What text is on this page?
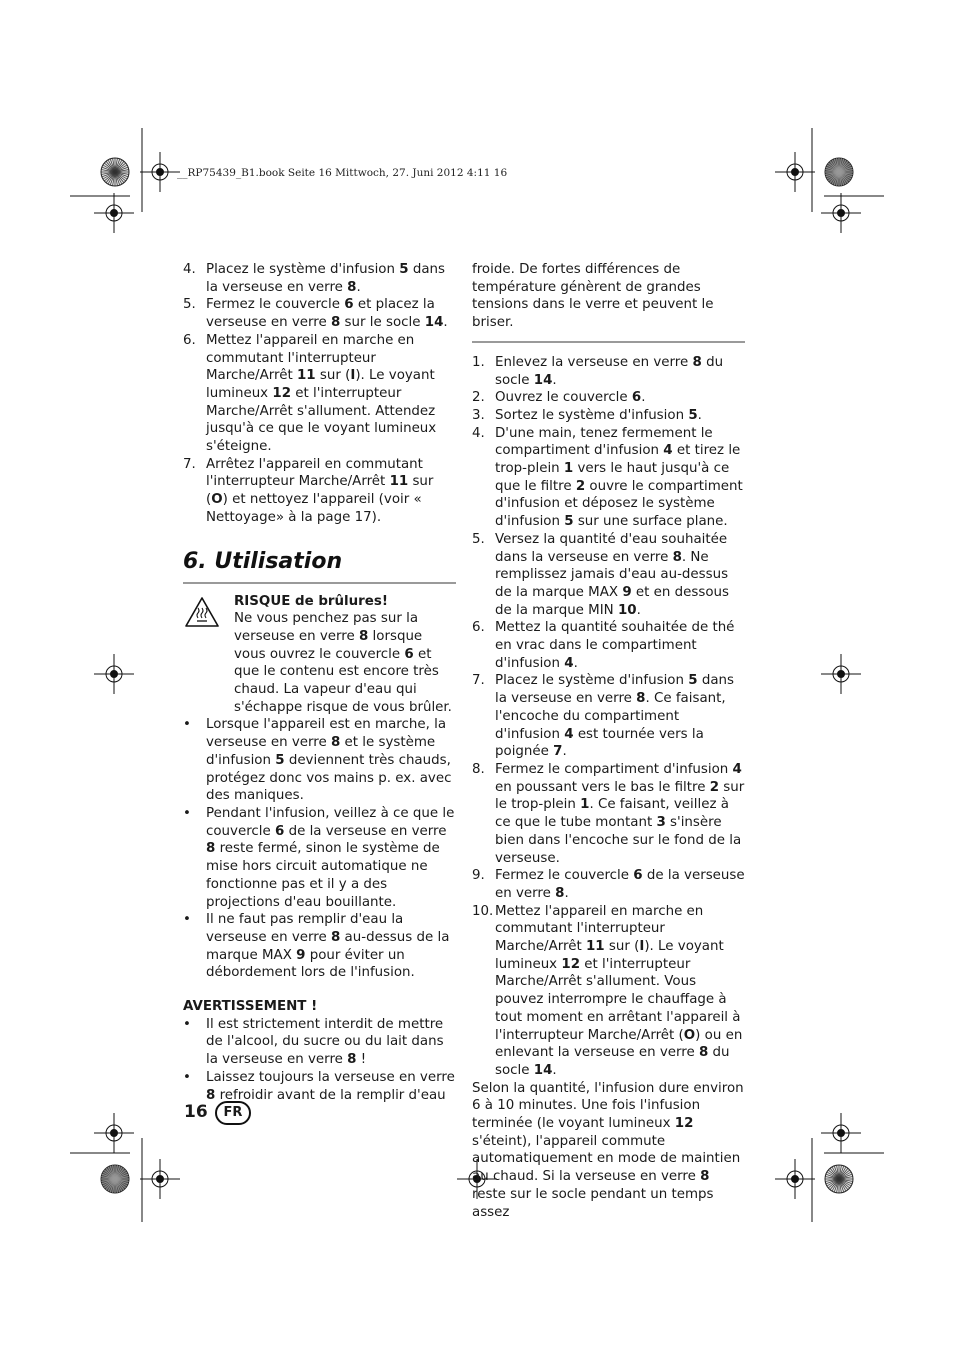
__RP75439_B1.book Seite 16 Mittwoch, 27. Juni 2012 4:11 16
4. Placez le système d'infusion 5 dans la verseuse en verre 8.
5. Fermez le couvercle 6 et placez la verseuse en verre 8 sur le socle 14.
6. Mettez l'appareil en marche en commutant l'interrupteur Marche/Arrêt 11 sur (I). Le voyant lumineux 12 et l'interrupteur Marche/Arrêt s'allument. Attendez jusqu'à ce que le voyant lumineux s'éteigne.
7. Arrêtez l'appareil en commutant l'interrupteur Marche/Arrêt 11 sur (O) et nettoyez l'appareil (voir « Nettoyage» à la page 17).
6. Utilisation
RISQUE de brûlures!
Ne vous penchez pas sur la verseuse en verre 8 lorsque vous ouvrez le couvercle 6 et que le contenu est encore très chaud. La vapeur d'eau qui s'échappe risque de vous brûler.
• Lorsque l'appareil est en marche, la verseuse en verre 8 et le système d'infusion 5 deviennent très chauds, protégez donc vos mains p. ex. avec des maniques.
• Pendant l'infusion, veillez à ce que le couvercle 6 de la verseuse en verre 8 reste fermé, sinon le système de mise hors circuit automatique ne fonctionne pas et il y a des projections d'eau bouillante.
• Il ne faut pas remplir d'eau la verseuse en verre 8 au-dessus de la marque MAX 9 pour éviter un débordement lors de l'infusion.
AVERTISSEMENT !
• Il est strictement interdit de mettre de l'alcool, du sucre ou du lait dans la verseuse en verre 8 !
• Laissez toujours la verseuse en verre 8 refroidir avant de la remplir d'eau
froide. De fortes différences de température génèrent de grandes tensions dans le verre et peuvent le briser.
1. Enlevez la verseuse en verre 8 du socle 14.
2. Ouvrez le couvercle 6.
3. Sortez le système d'infusion 5.
4. D'une main, tenez fermement le compartiment d'infusion 4 et tirez le trop-plein 1 vers le haut jusqu'à ce que le filtre 2 ouvre le compartiment d'infusion et déposez le système d'infusion 5 sur une surface plane.
5. Versez la quantité d'eau souhaitée dans la verseuse en verre 8. Ne remplissez jamais d'eau au-dessus de la marque MAX 9 et en dessous de la marque MIN 10.
6. Mettez la quantité souhaitée de thé en vrac dans le compartiment d'infusion 4.
7. Placez le système d'infusion 5 dans la verseuse en verre 8. Ce faisant, l'encoche du compartiment d'infusion 4 est tournée vers la poignée 7.
8. Fermez le compartiment d'infusion 4 en poussant vers le bas le filtre 2 sur le trop-plein 1. Ce faisant, veillez à ce que le tube montant 3 s'insère bien dans l'encoche sur le fond de la verseuse.
9. Fermez le couvercle 6 de la verseuse en verre 8.
10. Mettez l'appareil en marche en commutant l'interrupteur Marche/Arrêt 11 sur (I). Le voyant lumineux 12 et l'interrupteur Marche/Arrêt s'allument. Vous pouvez interrompre le chauffage à tout moment en arrêtant l'appareil à l'interrupteur Marche/Arrêt (O) ou en enlevant la verseuse en verre 8 du socle 14.
Selon la quantité, l'infusion dure environ 6 à 10 minutes. Une fois l'infusion terminée (le voyant lumineux 12 s'éteint), l'appareil commute automatiquement en mode de maintien au chaud. Si la verseuse en verre 8 reste sur le socle pendant un temps assez
16	FR
